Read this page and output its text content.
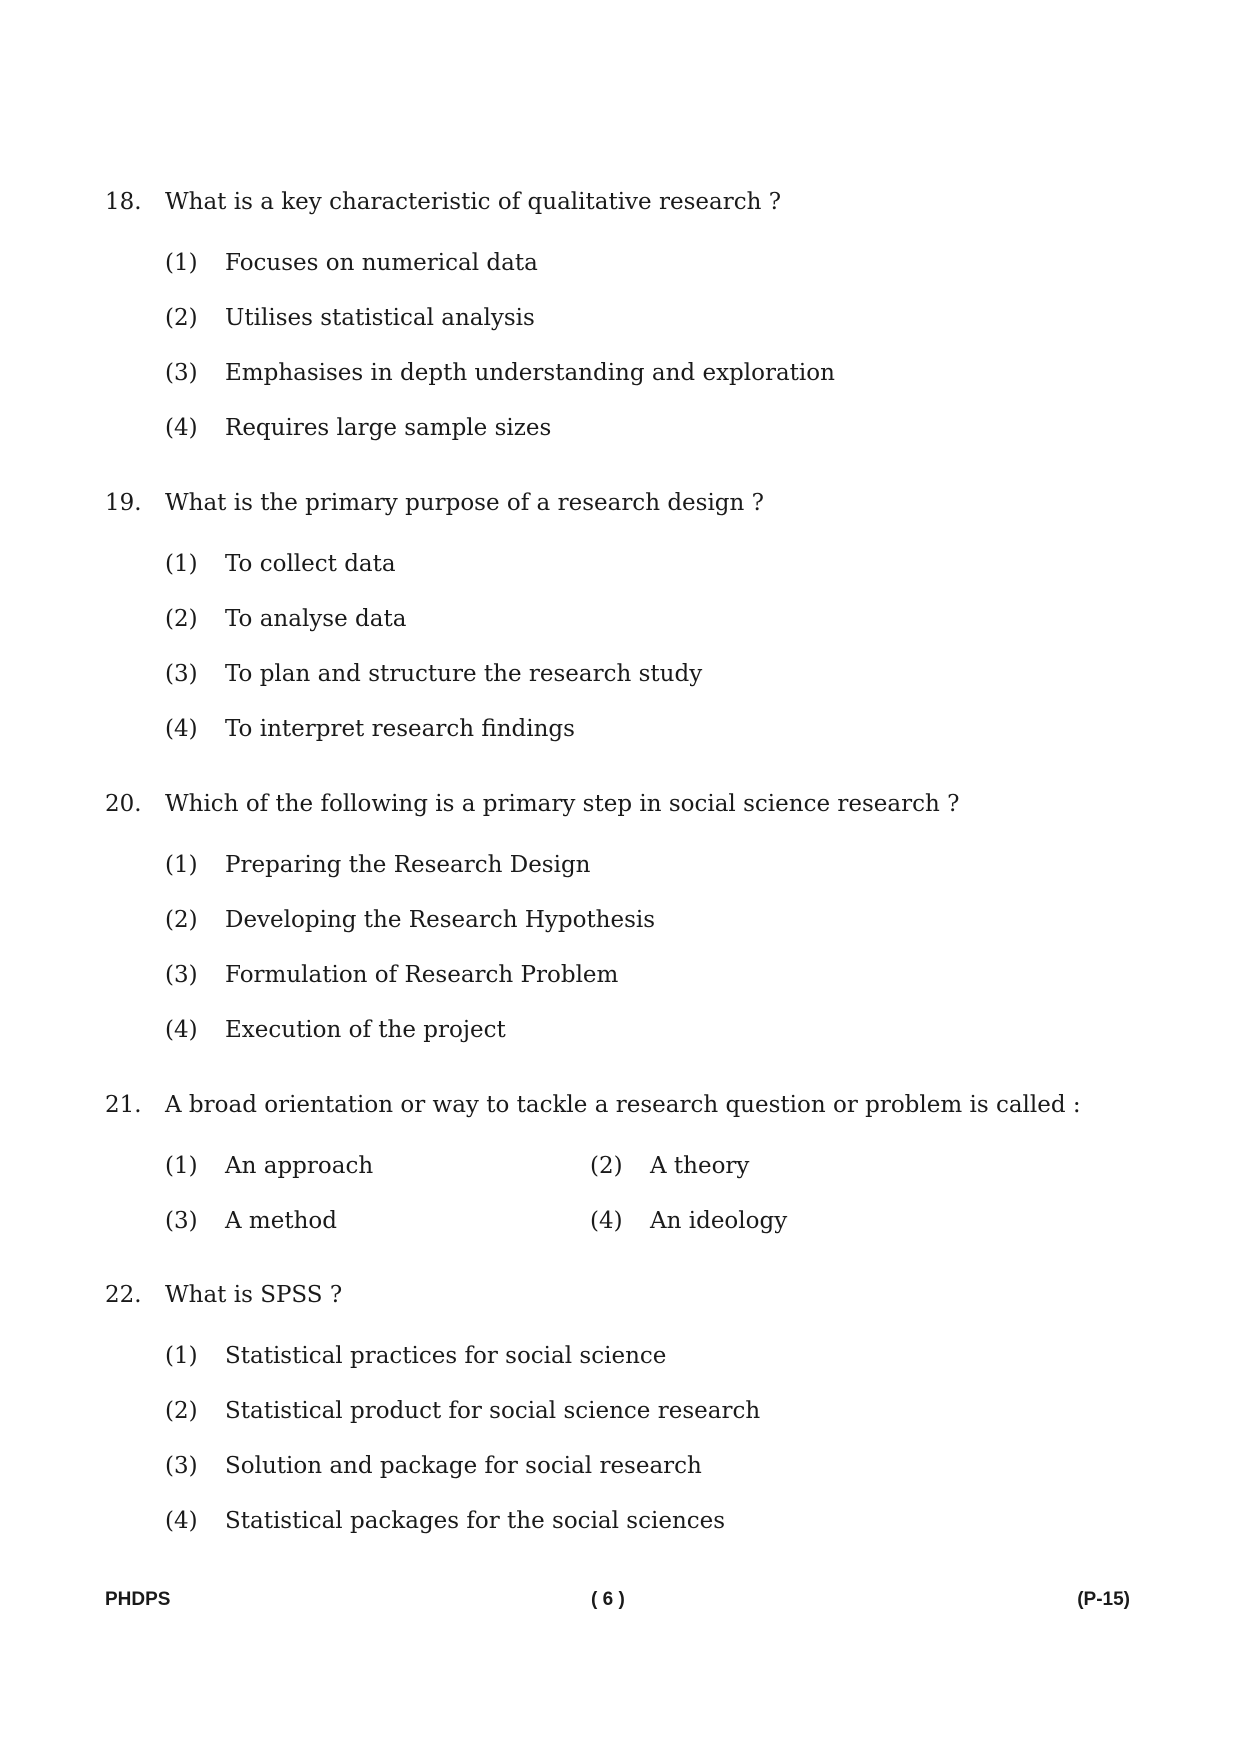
18. What is a key characteristic of qualitative research ?
(1) Focuses on numerical data
(2) Utilises statistical analysis
(3) Emphasises in depth understanding and exploration
(4) Requires large sample sizes
19. What is the primary purpose of a research design ?
(1) To collect data
(2) To analyse data
(3) To plan and structure the research study
(4) To interpret research findings
20. Which of the following is a primary step in social science research ?
(1) Preparing the Research Design
(2) Developing the Research Hypothesis
(3) Formulation of Research Problem
(4) Execution of the project
21. A broad orientation or way to tackle a research question or problem is called :
(1) An approach	(2) A theory
(3) A method	(4) An ideology
22. What is SPSS ?
(1) Statistical practices for social science
(2) Statistical product for social science research
(3) Solution and package for social research
(4) Statistical packages for the social sciences
PHDPS	( 6 )	(P-15)
